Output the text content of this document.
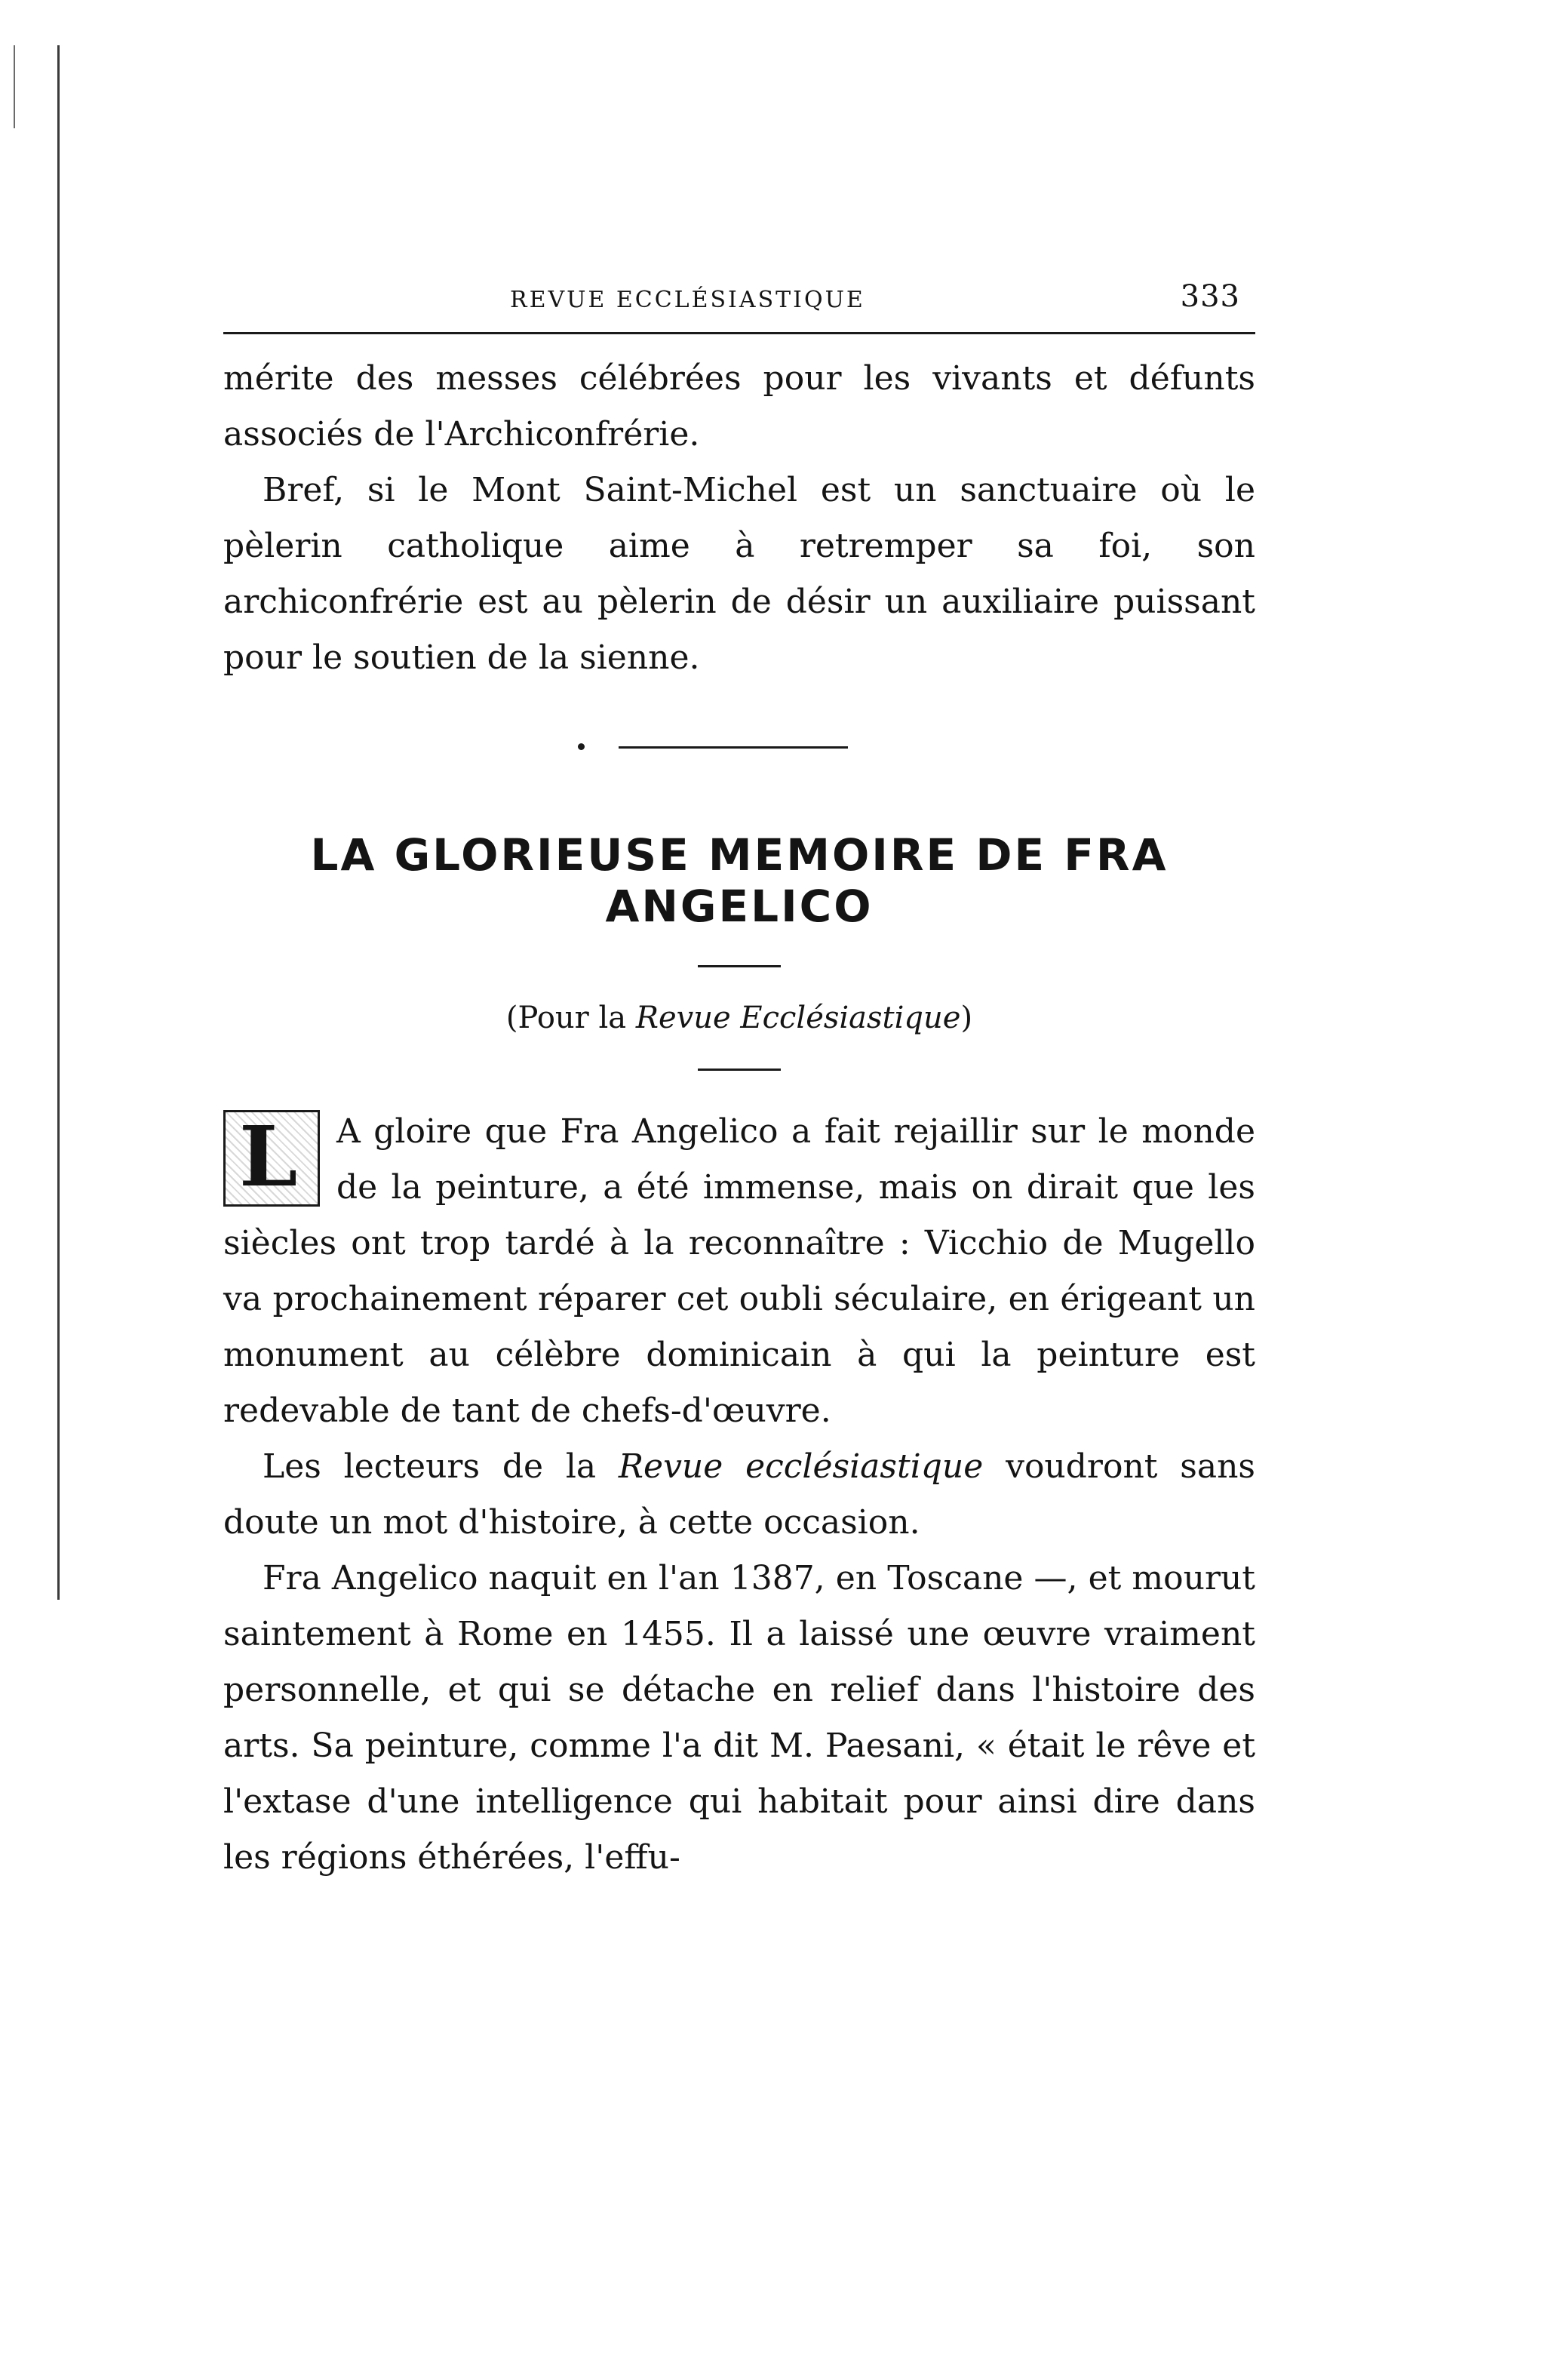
REVUE ECCLÉSIASTIQUE	333

mérite des messes célébrées pour les vivants et défunts associés de l'Archiconfrérie.

Bref, si le Mont Saint-Michel est un sanctuaire où le pèlerin catholique aime à retremper sa foi, son archiconfrérie est au pèlerin de désir un auxiliaire puissant pour le soutien de la sienne.

LA GLORIEUSE MEMOIRE DE FRA ANGELICO

(Pour la Revue Ecclésiastique)

L A gloire que Fra Angelico a fait rejaillir sur le monde de la peinture, a été immense, mais on dirait que les siècles ont trop tardé à la reconnaître : Vicchio de Mugello va prochainement réparer cet oubli séculaire, en érigeant un monument au célèbre dominicain à qui la peinture est redevable de tant de chefs-d'œuvre.

Les lecteurs de la Revue ecclésiastique voudront sans doute un mot d'histoire, à cette occasion.

Fra Angelico naquit en l'an 1387, en Toscane —, et mourut saintement à Rome en 1455. Il a laissé une œuvre vraiment personnelle, et qui se détache en relief dans l'histoire des arts. Sa peinture, comme l'a dit M. Paesani, « était le rêve et l'extase d'une intelligence qui habitait pour ainsi dire dans les régions éthérées, l'effu-
